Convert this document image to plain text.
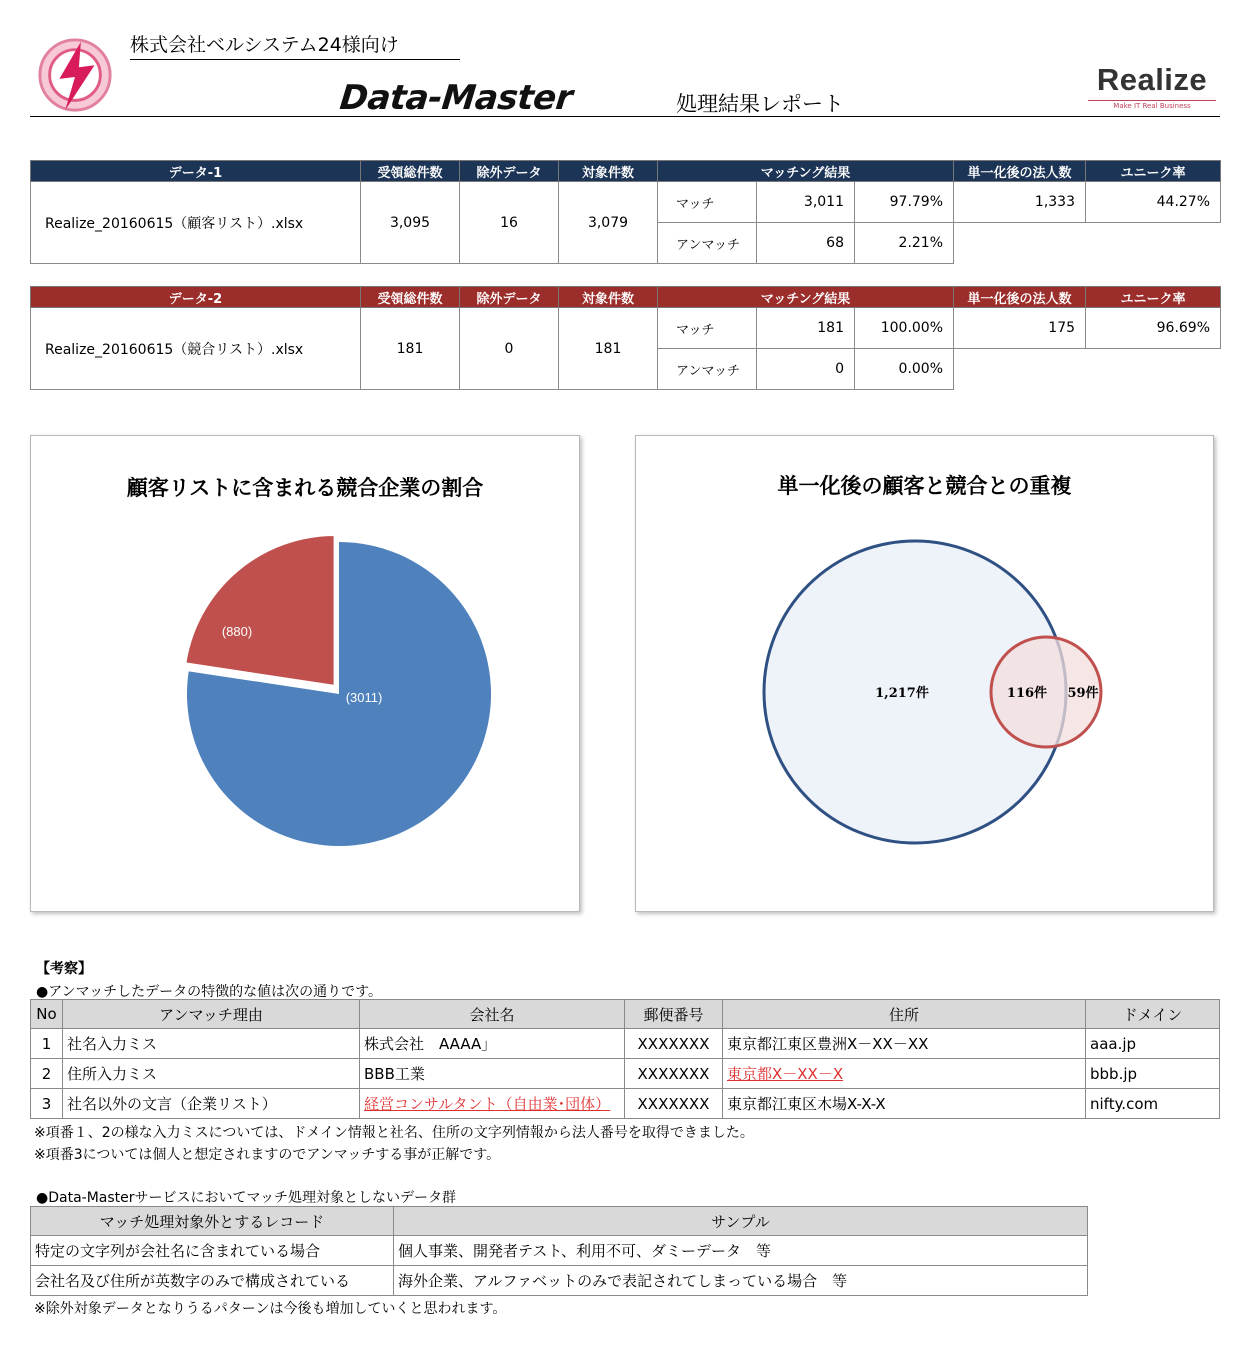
株式会社ベルシステム24様向け
Data-Master	処理結果レポート
Realize
Make IT Real Business
データ-1	受領総件数	除外データ	対象件数	マッチング結果			単一化後の法人数	ユニーク率
Realize_20160615（顧客リスト）.xlsx	3,095	16	3,079	マッチ	3,011	97.79%	1,333	44.27%
				アンマッチ	68	2.21%		
データ-2	受領総件数	除外データ	対象件数	マッチング結果			単一化後の法人数	ユニーク率
Realize_20160615（競合リスト）.xlsx	181	0	181	マッチ	181	100.00%	175	96.69%
				アンマッチ	0	0.00%		
顧客リストに含まれる競合企業の割合
(880)
(3011)
単一化後の顧客と競合との重複
1,217件	116件 59件
【考察】
●アンマッチしたデータの特徴的な値は次の通りです。
No	アンマッチ理由	会社名	郵便番号	住所	ドメイン
1	社名入力ミス	株式会社　AAAA」	XXXXXXX	東京都江東区豊洲X－XX－XX	aaa.jp
2	住所入力ミス	BBB工業	XXXXXXX	東京都X－XX－X	bbb.jp
3	社名以外の文言（企業リスト）	経営コンサルタント（自由業･団体）	XXXXXXX	東京都江東区木場X-X-X	nifty.com
※項番１、2の様な入力ミスについては、ドメイン情報と社名、住所の文字列情報から法人番号を取得できました。
※項番3については個人と想定されますのでアンマッチする事が正解です。
●Data-Masterサービスにおいてマッチ処理対象としないデータ群
マッチ処理対象外とするレコード	サンプル
特定の文字列が会社名に含まれている場合	個人事業、開発者テスト、利用不可、ダミーデータ　等
会社名及び住所が英数字のみで構成されている	海外企業、アルファベットのみで表記されてしまっている場合　等
※除外対象データとなりうるパターンは今後も増加していくと思われます。
